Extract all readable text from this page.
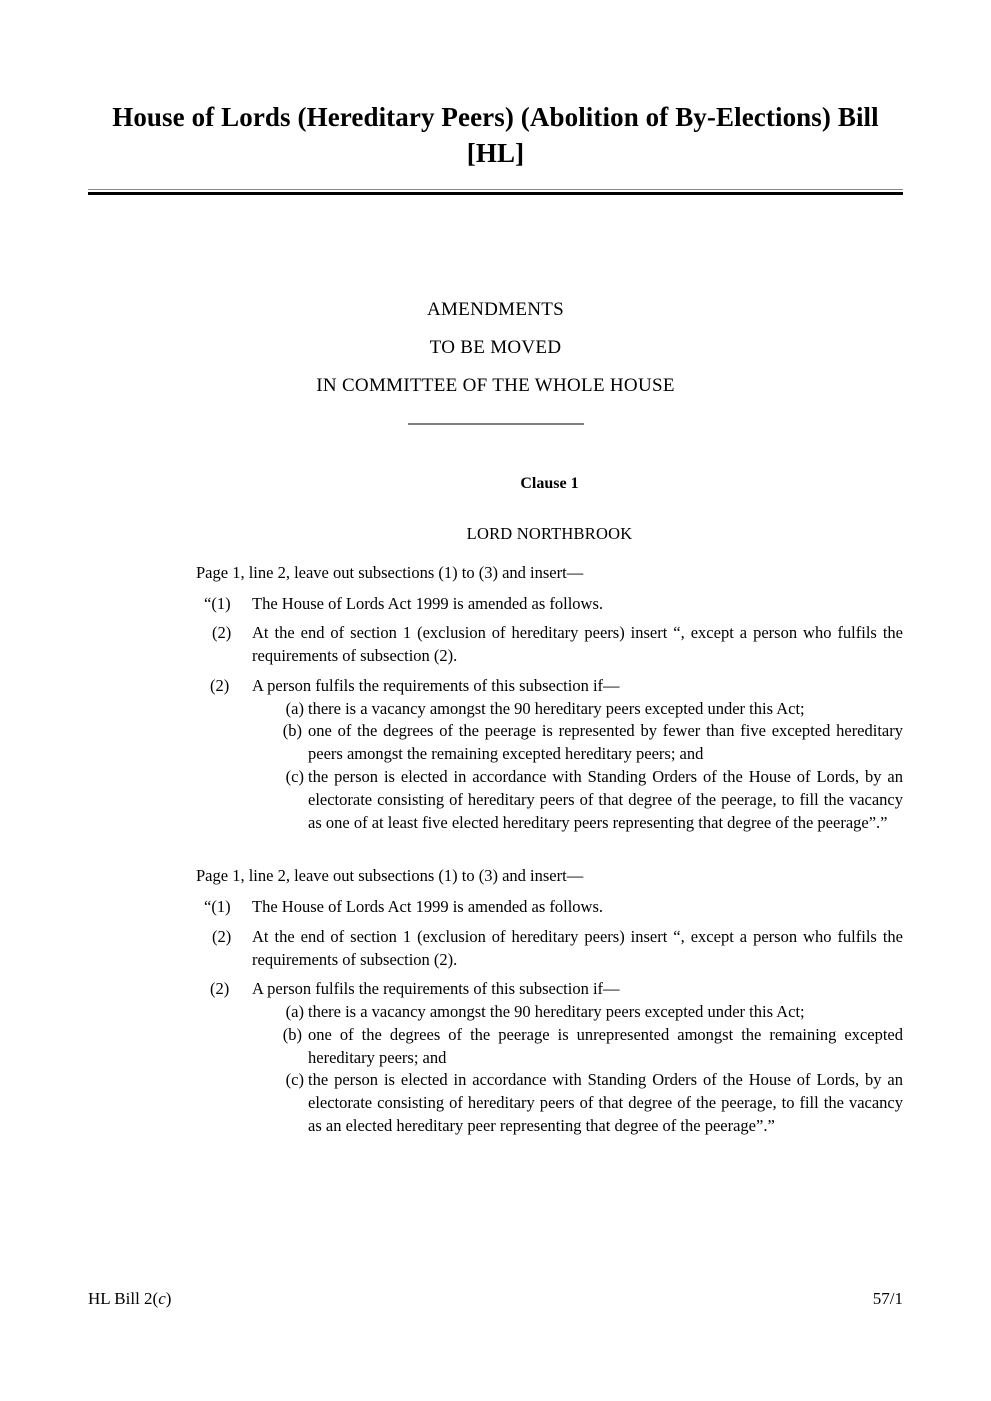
House of Lords (Hereditary Peers) (Abolition of By-Elections) Bill [HL]
AMENDMENTS
TO BE MOVED
IN COMMITTEE OF THE WHOLE HOUSE
Clause 1
LORD NORTHBROOK

Page 1, line 2, leave out subsections (1) to (3) and insert—

“(1)	The House of Lords Act 1999 is amended as follows.
(2)	At the end of section 1 (exclusion of hereditary peers) insert “, except a person who fulfils the requirements of subsection (2).
(2)	A person fulfils the requirements of this subsection if—
(a) there is a vacancy amongst the 90 hereditary peers excepted under this Act;
(b) one of the degrees of the peerage is represented by fewer than five excepted hereditary peers amongst the remaining excepted hereditary peers; and
(c) the person is elected in accordance with Standing Orders of the House of Lords, by an electorate consisting of hereditary peers of that degree of the peerage, to fill the vacancy as one of at least five elected hereditary peers representing that degree of the peerage”.”

Page 1, line 2, leave out subsections (1) to (3) and insert—

“(1)	The House of Lords Act 1999 is amended as follows.
(2)	At the end of section 1 (exclusion of hereditary peers) insert “, except a person who fulfils the requirements of subsection (2).
(2)	A person fulfils the requirements of this subsection if—
(a) there is a vacancy amongst the 90 hereditary peers excepted under this Act;
(b) one of the degrees of the peerage is unrepresented amongst the remaining excepted hereditary peers; and
(c) the person is elected in accordance with Standing Orders of the House of Lords, by an electorate consisting of hereditary peers of that degree of the peerage, to fill the vacancy as an elected hereditary peer representing that degree of the peerage”.”
HL Bill 2(c)	57/1
